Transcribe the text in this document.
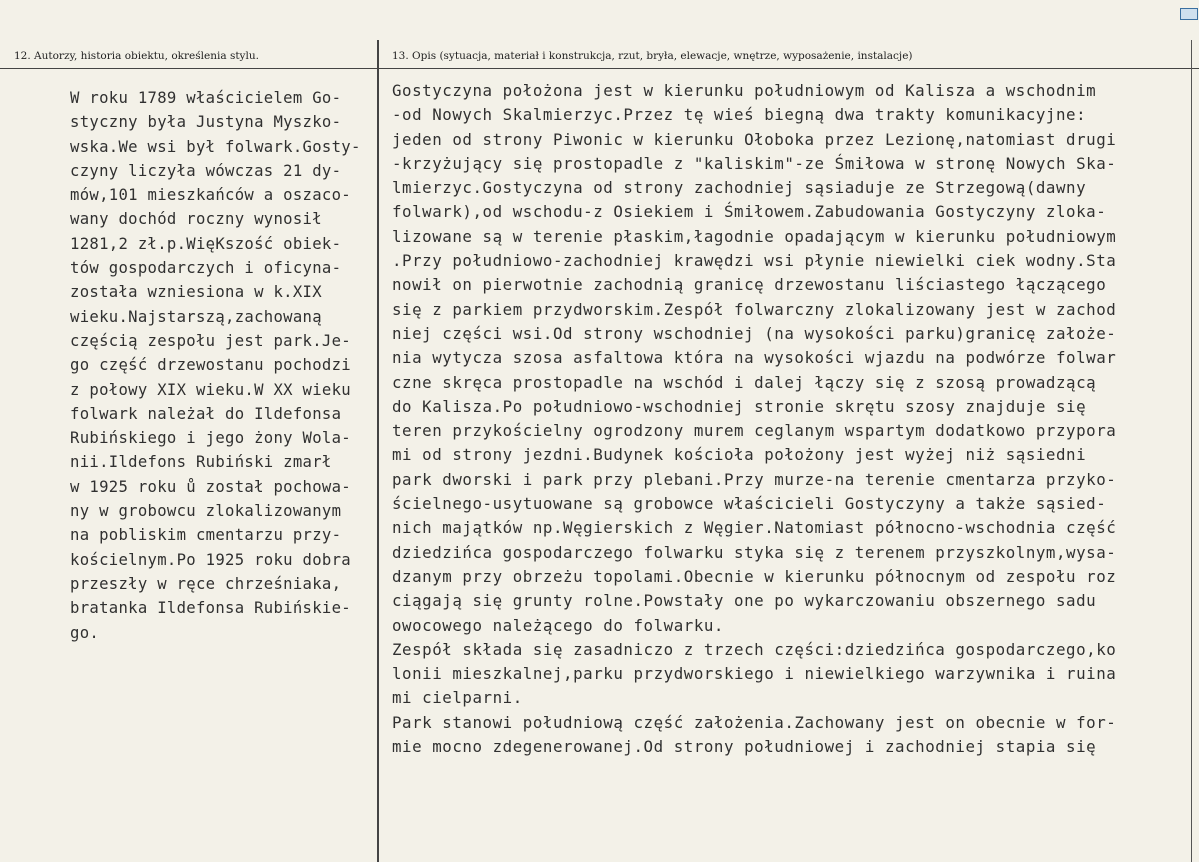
12. Autorzy, historia obiektu, określenia stylu.	13. Opis (sytuacja, materiał i konstrukcja, rzut, bryła, elewacje, wnętrze, wyposażenie, instalacje)
W roku 1789 właścicielem Go-
styczny była Justyna Myszko-
wska.We wsi był folwark.Gosty-
czyny liczyła wówczas 21 dy-
mów,101 mieszkańców a oszaco-
wany dochód roczny wynosił
1281,2 zł.p.WięKszość obiek-
tów gospodarczych i oficyna-
została wzniesiona w k.XIX
wieku.Najstarszą,zachowaną
częścią zespołu jest park.Je-
go część drzewostanu pochodzi
z połowy XIX wieku.W XX wieku
folwark należał do Ildefonsa
Rubińskiego i jego żony Wola-
nii.Ildefons Rubiński zmarł
w 1925 roku ů został pochowa-
ny w grobowcu zlokalizowanym
na pobliskim cmentarzu przy-
kościelnym.Po 1925 roku dobra
przeszły w ręce chrześniaka,
bratanka Ildefonsa Rubińskie-
go.
Gostyczyna położona jest w kierunku południowym od Kalisza a wschodnim
-od Nowych Skalmierzyc.Przez tę wieś biegną dwa trakty komunikacyjne:
jeden od strony Piwonic w kierunku Ołoboka przez Lezionę,natomiast drugi
-krzyżujący się prostopadle z "kaliskim"-ze Śmiłowa w stronę Nowych Ska-
lmierzyc.Gostyczyna od strony zachodniej sąsiaduje ze Strzegową(dawny
folwark),od wschodu-z Osiekiem i Śmiłowem.Zabudowania Gostyczyny zloka-
lizowane są w terenie płaskim,łagodnie opadającym w kierunku południowym
.Przy południowo-zachodniej krawędzi wsi płynie niewielki ciek wodny.Sta
nowił on pierwotnie zachodnią granicę drzewostanu liściastego łączącego
się z parkiem przydworskim.Zespół folwarczny zlokalizowany jest w zachod
niej części wsi.Od strony wschodniej (na wysokości parku)granicę założe-
nia wytycza szosa asfaltowa która na wysokości wjazdu na podwórze folwar
czne skręca prostopadle na wschód i dalej łączy się z szosą prowadzącą
do Kalisza.Po południowo-wschodniej stronie skrętu szosy znajduje się
teren przykościelny ogrodzony murem ceglanym wspartym dodatkowo przypora
mi od strony jezdni.Budynek kościoła położony jest wyżej niż sąsiedni
park dworski i park przy plebani.Przy murze-na terenie cmentarza przyko-
ścielnego-usytuowane są grobowce właścicieli Gostyczyny a także sąsied-
nich majątków np.Węgierskich z Węgier.Natomiast północno-wschodnia część
dziedzińca gospodarczego folwarku styka się z terenem przyszkolnym,wysa-
dzanym przy obrzeżu topolami.Obecnie w kierunku północnym od zespołu roz
ciągają się grunty rolne.Powstały one po wykarczowaniu obszernego sadu
owocowego należącego do folwarku.
Zespół składa się zasadniczo z trzech części:dziedzińca gospodarczego,ko
lonii mieszkalnej,parku przydworskiego i niewielkiego warzywnika i ruina
mi cielparni.
Park stanowi południową część założenia.Zachowany jest on obecnie w for-
mie mocno zdegenerowanej.Od strony południowej i zachodniej stapia się
